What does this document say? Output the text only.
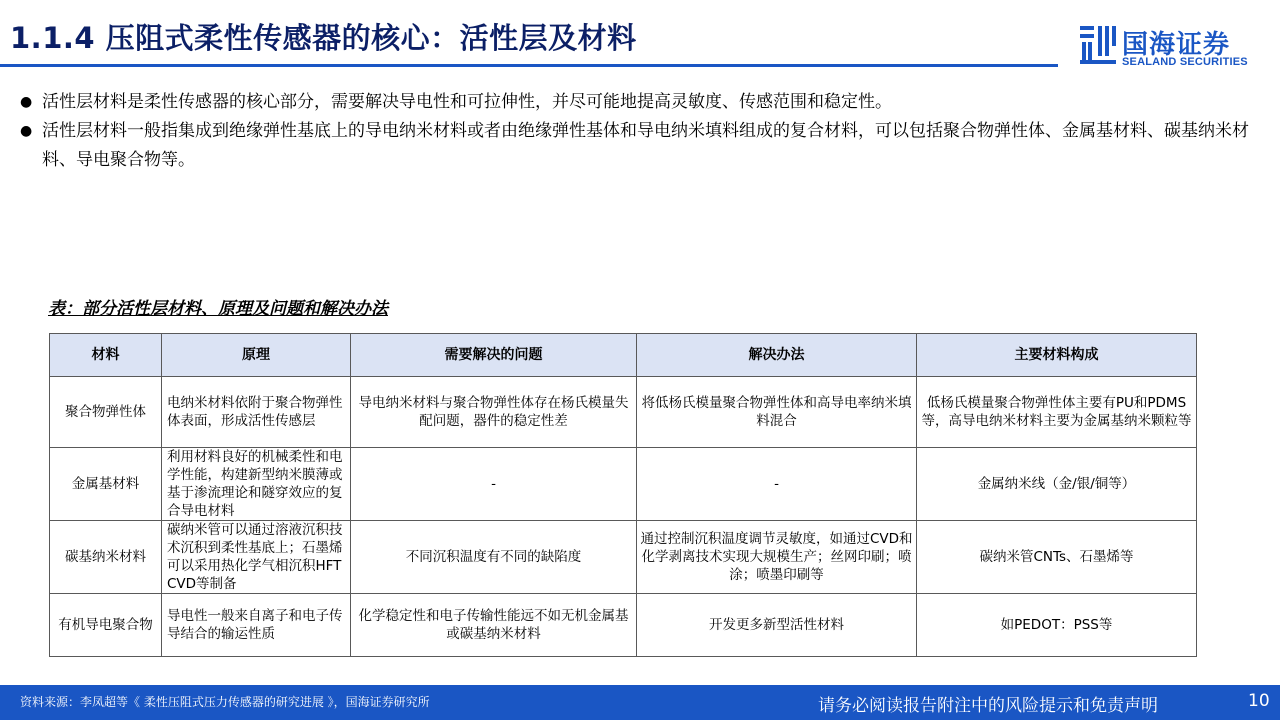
1.1.4 压阻式柔性传感器的核心：活性层及材料	国海证券
SEALAND SECURITIES
● 活性层材料是柔性传感器的核心部分，需要解决导电性和可拉伸性，并尽可能地提高灵敏度、传感范围和稳定性。
● 活性层材料一般指集成到绝缘弹性基底上的导电纳米材料或者由绝缘弹性基体和导电纳米填料组成的复合材料，可以包括聚合物弹性体、金属基材料、碳基纳米材料、导电聚合物等。
表：部分活性层材料、原理及问题和解决办法
材料	原理	需要解决的问题	解决办法	主要材料构成
聚合物弹性体	电纳米材料依附于聚合物弹性体表面，形成活性传感层	导电纳米材料与聚合物弹性体存在杨氏模量失配问题，器件的稳定性差	将低杨氏模量聚合物弹性体和高导电率纳米填料混合	低杨氏模量聚合物弹性体主要有PU和PDMS等，高导电纳米材料主要为金属基纳米颗粒等
金属基材料	利用材料良好的机械柔性和电学性能，构建新型纳米膜薄或基于渗流理论和隧穿效应的复合导电材料	-	-	金属纳米线（金/银/铜等）
碳基纳米材料	碳纳米管可以通过溶液沉积技术沉积到柔性基底上；石墨烯可以采用热化学气相沉积HFT CVD等制备	不同沉积温度有不同的缺陷度	通过控制沉积温度调节灵敏度，如通过CVD和化学剥离技术实现大规模生产；丝网印刷；喷涂；喷墨印刷等	碳纳米管CNTs、石墨烯等
有机导电聚合物	导电性一般来自离子和电子传导结合的输运性质	化学稳定性和电子传输性能远不如无机金属基或碳基纳米材料	开发更多新型活性材料	如PEDOT：PSS等
资料来源：李凤超等《 柔性压阻式压力传感器的研究进展 》，国海证券研究所	请务必阅读报告附注中的风险提示和免责声明	10
